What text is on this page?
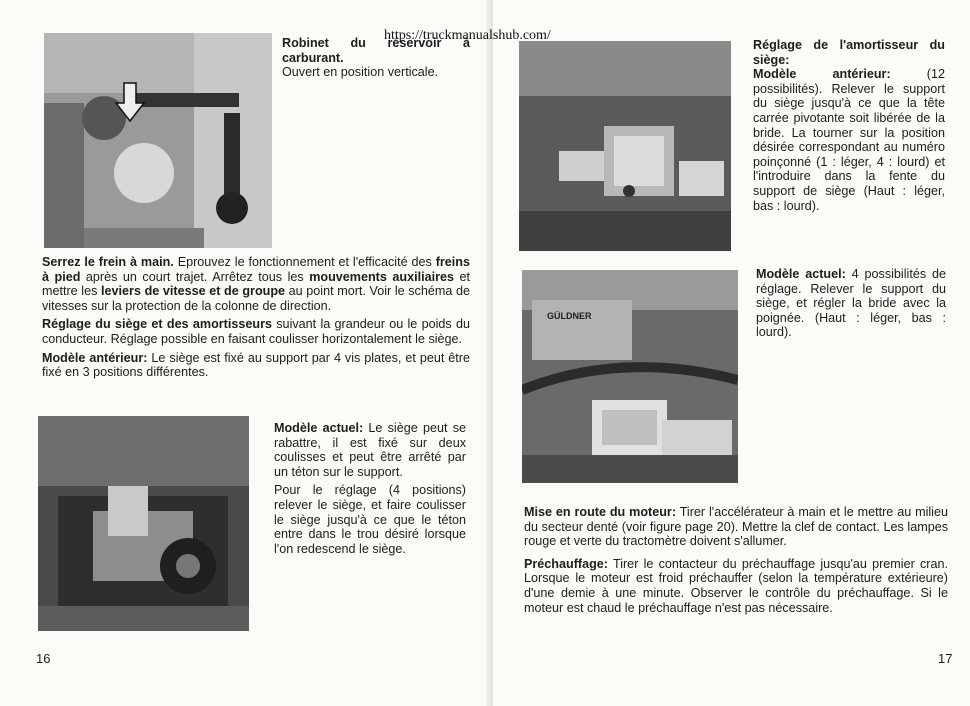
Robinet du réservoir à carburant.
Ouvert en position verticale.

Serrez le frein à main. Eprouvez le fonctionnement et l'efficacité des freins à pied après un court trajet. Arrêtez tous les mouvements auxiliaires et mettre les leviers de vitesse et de groupe au point mort. Voir le schéma de vitesses sur la protection de la colonne de direction.

Réglage du siège et des amortisseurs suivant la grandeur ou le poids du conducteur. Réglage possible en faisant coulisser horizontalement le siège.

Modèle antérieur: Le siège est fixé au support par 4 vis plates, et peut être fixé en 3 positions différentes.

Modèle actuel: Le siège peut se rabattre, il est fixé sur deux coulisses et peut être arrêté par un téton sur le support.

Pour le réglage (4 positions) relever le siège, et faire coulisser le siège jusqu'à ce que le téton entre dans le trou désiré lorsque l'on redescend le siège.

16

Réglage de l'amortisseur du siège:
Modèle antérieur: (12 possibilités). Relever le support du siège jusqu'à ce que la tête carrée pivotante soit libérée de la bride. La tourner sur la position désirée correspondant au numéro poinçonné (1 : léger, 4 : lourd) et l'introduire dans la fente du support de siège (Haut : léger, bas : lourd).

GÜLDNER

Modèle actuel: 4 possibilités de réglage. Relever le support du siège, et régler la bride avec la poignée. (Haut : léger, bas : lourd).

Mise en route du moteur: Tirer l'accélérateur à main et le mettre au milieu du secteur denté (voir figure page 20). Mettre la clef de contact. Les lampes rouge et verte du tractomètre doivent s'allumer.

Préchauffage: Tirer le contacteur du préchauffage jusqu'au premier cran. Lorsque le moteur est froid préchauffer (selon la température extérieure) d'une demie à une minute. Observer le contrôle du préchauffage. Si le moteur est chaud le préchauffage n'est pas nécessaire.

17
https://truckmanualshub.com/
